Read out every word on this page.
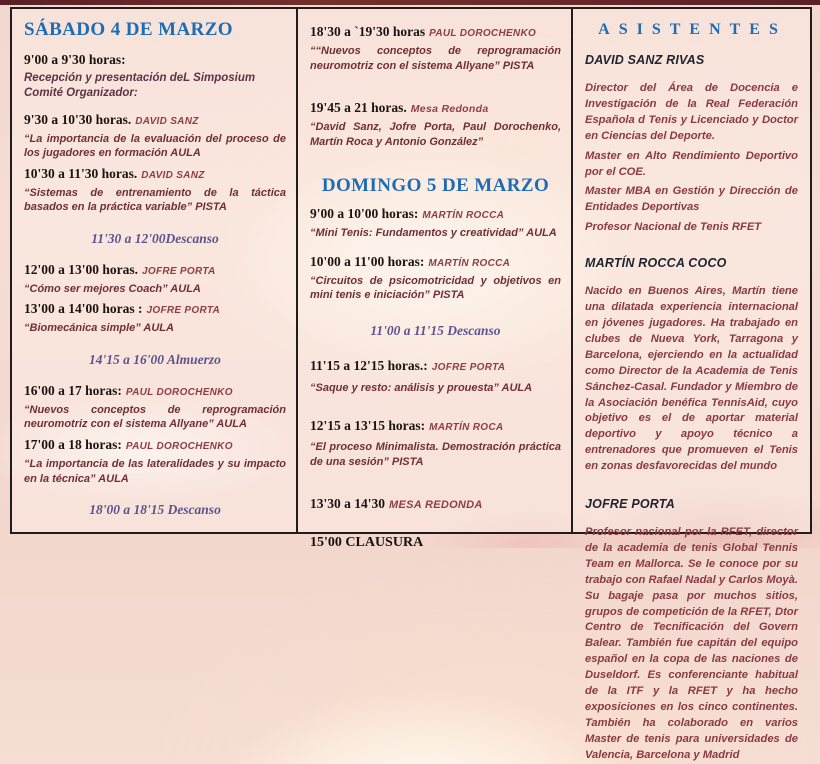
SÁBADO 4 DE MARZO
9'00 a 9'30 horas:
Recepción y presentación deL Simposium
Comité Organizador:
9'30 a 10'30 horas. DAVID SANZ
“La importancia de la evaluación del proceso de los jugadores en formación AULA
10'30 a 11'30 horas. DAVID SANZ
“Sistemas de entrenamiento de la táctica basados en la práctica variable” PISTA
11'30 a 12'00Descanso
12'00 a 13'00 horas. JOFRE PORTA
“Cómo ser mejores Coach” AULA
13'00 a 14'00 horas : JOFRE PORTA
“Biomecánica simple” AULA
14'15 a 16'00 Almuerzo
16'00 a 17 horas: PAUL DOROCHENKO
“Nuevos conceptos de reprogramación neuromotriz con el sistema Allyane” AULA
17'00 a 18 horas: PAUL DOROCHENKO
“La importancia de las lateralidades y su impacto en la técnica” AULA
18'00 a 18'15 Descanso
18'30 a `19'30 horas PAUL DOROCHENKO
““Nuevos conceptos de reprogramación neuromotriz con el sistema Allyane” PISTA
19'45 a 21 horas. Mesa Redonda
“David Sanz, Jofre Porta, Paul Dorochenko, Martín Roca y Antonio González”
DOMINGO 5 DE MARZO
9'00 a 10'00 horas: MARTÍN ROCCA
“Mini Tenis: Fundamentos y creatividad” AULA
10'00 a 11'00 horas: MARTÍN ROCCA
“Circuitos de psicomotricidad y objetivos en mini tenis e iniciación” PISTA
11'00 a 11'15 Descanso
11'15 a 12'15 horas.: JOFRE PORTA
“Saque y resto: análisis y prouesta” AULA
12'15 a 13'15 horas: MARTÍN ROCA
“El proceso Minimalista. Demostración práctica de una sesión” PISTA
13'30 a 14'30 MESA REDONDA
15'00 CLAUSURA
ASISTENTES
DAVID SANZ RIVAS
Director del Área de Docencia e Investigación de la Real Federación Española d Tenis y Licenciado y Doctor en Ciencias del Deporte.
Master en Alto Rendimiento Deportivo por el COE.
Master MBA en Gestión y Dirección de Entidades Deportivas
Profesor Nacional de Tenis RFET
MARTÍN ROCCA COCO
Nacido en Buenos Aires, Martín tiene una dilatada experiencia internacional en jóvenes jugadores. Ha trabajado en clubes de Nueva York, Tarragona y Barcelona, ejerciendo en la actualidad como Director de la Academia de Tenis Sánchez-Casal. Fundador y Miembro de la Asociación benéfica TennisAid, cuyo objetivo es el de aportar material deportivo y apoyo técnico a entrenadores que promueven el Tenis en zonas desfavorecidas del mundo
JOFRE PORTA
Profesor nacional por la RFET, director de la academia de tenis Global Tennis Team en Mallorca. Se le conoce por su trabajo con Rafael Nadal y Carlos Moyà. Su bagaje pasa por muchos sitios, grupos de competición de la RFET, Dtor Centro de Tecnificación del Govern Balear. También fue capitán del equipo español en la copa de las naciones de Duseldorf. Es conferenciante habitual de la ITF y la RFET y ha hecho exposiciones en los cinco continentes. También ha colaborado en varios Master de tenis para universidades de Valencia, Barcelona y Madrid
